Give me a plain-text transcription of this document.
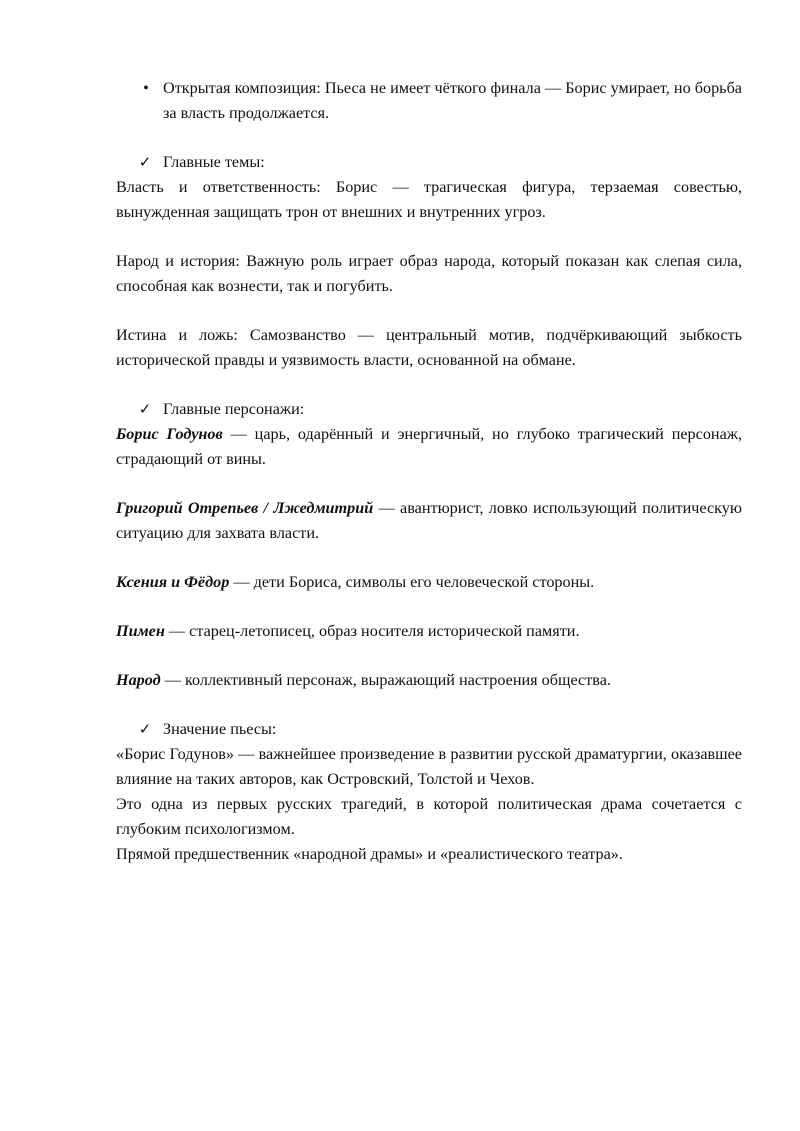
• Открытая композиция: Пьеса не имеет чёткого финала — Борис умирает, но борьба за власть продолжается.

✓ Главные темы:

Власть и ответственность: Борис — трагическая фигура, терзаемая совестью, вынужденная защищать трон от внешних и внутренних угроз.

Народ и история: Важную роль играет образ народа, который показан как слепая сила, способная как вознести, так и погубить.

Истина и ложь: Самозванство — центральный мотив, подчёркивающий зыбкость исторической правды и уязвимость власти, основанной на обмане.

✓ Главные персонажи:

Борис Годунов — царь, одарённый и энергичный, но глубоко трагический персонаж, страдающий от вины.

Григорий Отрепьев / Лжедмитрий — авантюрист, ловко использующий политическую ситуацию для захвата власти.

Ксения и Фёдор — дети Бориса, символы его человеческой стороны.

Пимен — старец-летописец, образ носителя исторической памяти.

Народ — коллективный персонаж, выражающий настроения общества.

✓ Значение пьесы:

«Борис Годунов» — важнейшее произведение в развитии русской драматургии, оказавшее влияние на таких авторов, как Островский, Толстой и Чехов.

Это одна из первых русских трагедий, в которой политическая драма сочетается с глубоким психологизмом.

Прямой предшественник «народной драмы» и «реалистического театра».
